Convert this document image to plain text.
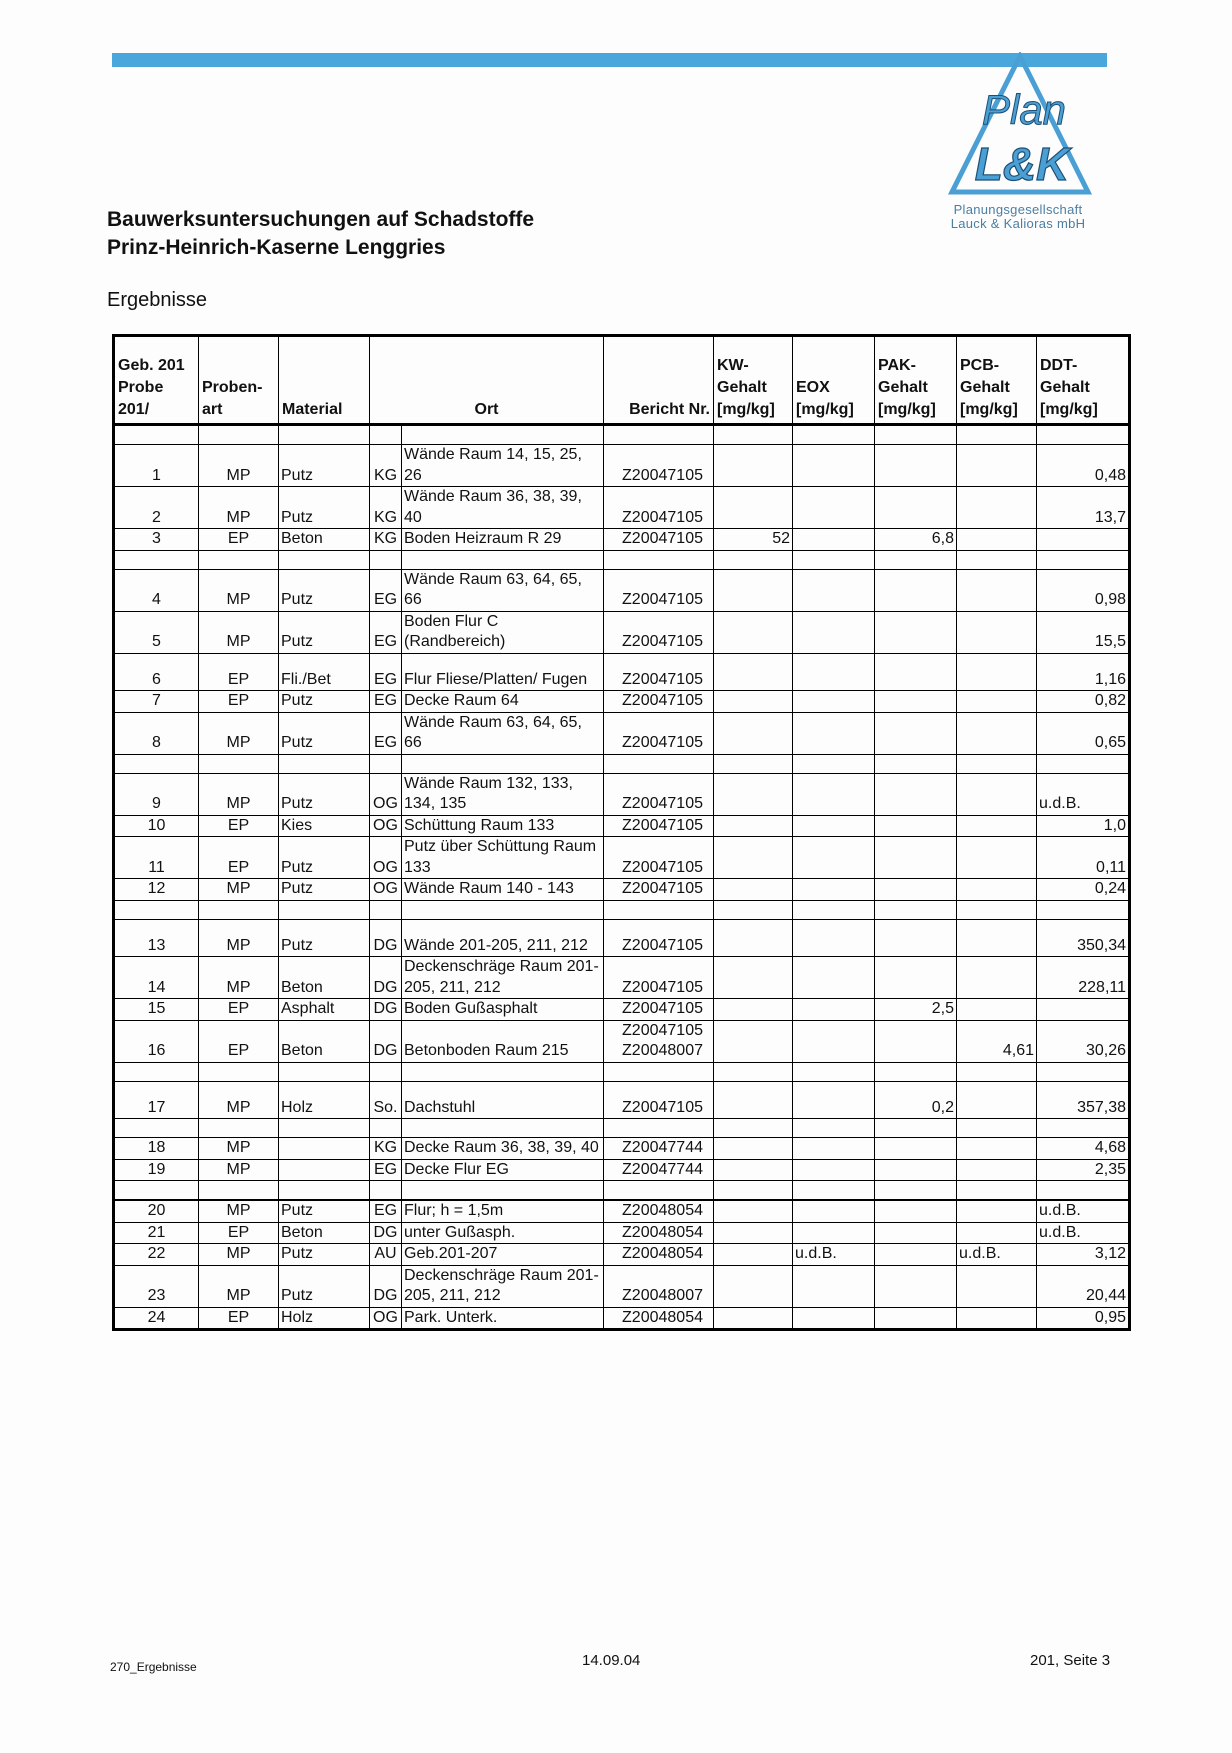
Plan
L&K
Planungsgesellschaft
Lauck & Kalioras mbH
Bauwerksuntersuchungen auf Schadstoffe
Prinz-Heinrich-Kaserne Lenggries
Ergebnisse
Geb. 201
Probe
201/	Proben-
art	Material	Ort		Bericht Nr.	KW-
Gehalt
[mg/kg]	EOX
[mg/kg]	PAK-
Gehalt
[mg/kg]	PCB-
Gehalt
[mg/kg]	DDT-
Gehalt
[mg/kg]

1	MP	Putz	KG	Wände Raum 14, 15, 25, 26	Z20047105					0,48
2	MP	Putz	KG	Wände Raum 36, 38, 39, 40	Z20047105					13,7
3	EP	Beton	KG	Boden Heizraum R 29	Z20047105	52		6,8		

4	MP	Putz	EG	Wände Raum 63, 64, 65, 66	Z20047105					0,98
5	MP	Putz	EG	Boden Flur C (Randbereich)	Z20047105					15,5
6	EP	Fli./Bet	EG	Flur Fliese/Platten/ Fugen	Z20047105					1,16
7	EP	Putz	EG	Decke Raum 64	Z20047105					0,82
8	MP	Putz	EG	Wände Raum 63, 64, 65, 66	Z20047105					0,65

9	MP	Putz	OG	Wände Raum 132, 133, 134, 135	Z20047105					u.d.B.
10	EP	Kies	OG	Schüttung Raum 133	Z20047105					1,0
11	EP	Putz	OG	Putz über Schüttung Raum 133	Z20047105					0,11
12	MP	Putz	OG	Wände Raum 140 - 143	Z20047105					0,24

13	MP	Putz	DG	Wände 201-205, 211, 212	Z20047105					350,34
14	MP	Beton	DG	Deckenschräge Raum 201-205, 211, 212	Z20047105					228,11
15	EP	Asphalt	DG	Boden Gußasphalt	Z20047105			2,5		
16	EP	Beton	DG	Betonboden Raum 215	Z20047105
Z20048007				4,61	30,26

17	MP	Holz	So.	Dachstuhl	Z20047105			0,2		357,38

18	MP		KG	Decke Raum 36, 38, 39, 40	Z20047744					4,68
19	MP		EG	Decke Flur EG	Z20047744					2,35

20	MP	Putz	EG	Flur; h = 1,5m	Z20048054					u.d.B.
21	EP	Beton	DG	unter Gußasph.	Z20048054					u.d.B.
22	MP	Putz	AU	Geb.201-207	Z20048054		u.d.B.		u.d.B.	3,12
23	MP	Putz	DG	Deckenschräge Raum 201-205, 211, 212	Z20048007					20,44
24	EP	Holz	OG	Park. Unterk.	Z20048054					0,95
270_Ergebnisse	14.09.04	201, Seite 3
